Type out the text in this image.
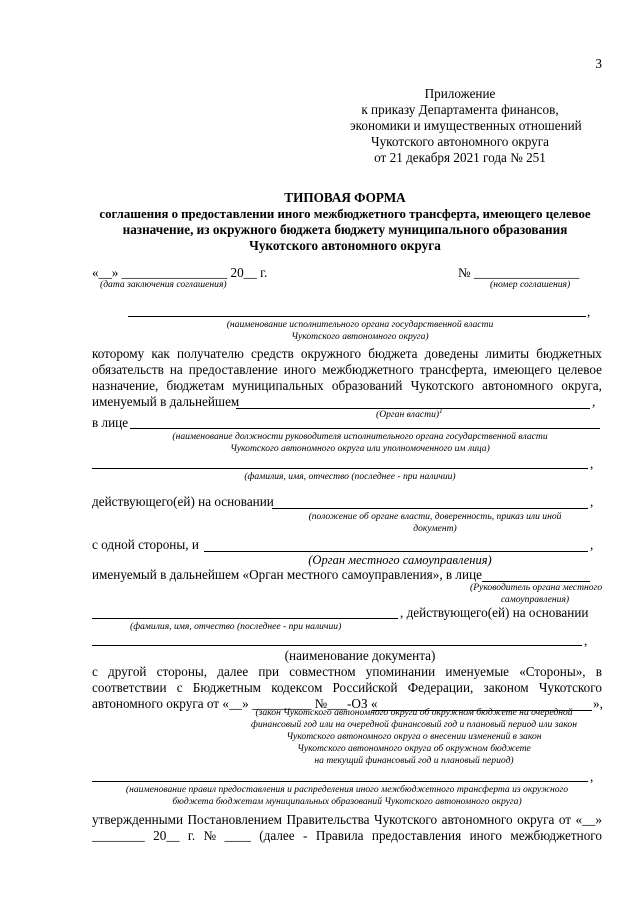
3
Приложение
к приказу Департамента финансов,
экономики и имущественных отношений
Чукотского автономного округа
от 21 декабря 2021 года № 251
ТИПОВАЯ ФОРМА
соглашения о предоставлении иного межбюджетного трансферта, имеющего целевое
назначение, из окружного бюджета бюджету муниципального образования
Чукотского автономного округа
«__» ________________ 20__ г.	№ ________________
(дата заключения соглашения)	(номер соглашения)
,
(наименование исполнительного органа государственной власти
Чукотского автономного округа)
которому как получателю средств окружного бюджета доведены лимиты бюджетных
обязательств на предоставление иного межбюджетного трансферта, имеющего целевое
назначение, бюджетам муниципальных образований Чукотского автономного округа,
именуемый в дальнейшем	,
(Орган власти)$^1$
в лице
(наименование должности руководителя исполнительного органа государственной власти
Чукотского автономного округа или уполномоченного им лица)
,
(фамилия, имя, отчество (последнее - при наличии)
действующего(ей) на основании	,
(положение об органе власти, доверенность, приказ или иной
документ)
с одной стороны, и	,
(Орган местного самоуправления)
именуемый в дальнейшем «Орган местного самоуправления», в лице
(Руководитель органа местного
самоуправления)
, действующего(ей) на основании
(фамилия, имя, отчество (последнее - при наличии)
,
(наименование документа)
с другой стороны, далее при совместном упоминании именуемые «Стороны», в
соответствии с Бюджетным кодексом Российской Федерации, законом Чукотского
автономного округа от «__» _________ №___-ОЗ «	»,
(закон Чукотского автономного округа об окружном бюджете на очередной
финансовый год или на очередной финансовый год и плановый период или закон
Чукотского автономного округа о внесении изменений в закон
Чукотского автономного округа об окружном бюджете
на текущий финансовый год и плановый период)
,
(наименование правил предоставления и распределения иного межбюджетного трансферта из окружного
бюджета бюджетам муниципальных образований Чукотского автономного округа)
утвержденными Постановлением Правительства Чукотского автономного округа от «__»
________ 20__ г. № ____ (далее - Правила предоставления иного межбюджетного
